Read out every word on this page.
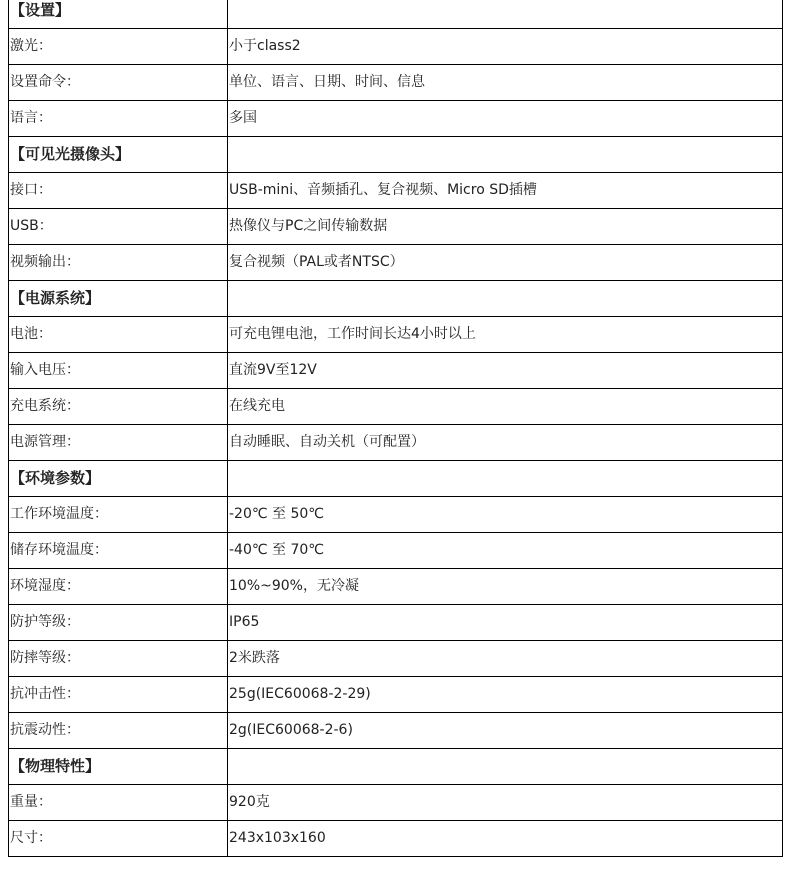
【设置】	
激光：	小于class2
设置命令：	单位、语言、日期、时间、信息
语言：	多国
【可见光摄像头】	
接口：	USB-mini、音频插孔、复合视频、Micro SD插槽
USB：	热像仪与PC之间传输数据
视频输出：	复合视频（PAL或者NTSC）
【电源系统】	
电池：	可充电锂电池，工作时间长达4小时以上
输入电压：	直流9V至12V
充电系统：	在线充电
电源管理：	自动睡眠、自动关机（可配置）
【环境参数】	
工作环境温度：	-20℃ 至 50℃
储存环境温度：	-40℃ 至 70℃
环境湿度：	10%~90%，无冷凝
防护等级：	IP65
防摔等级：	2米跌落
抗冲击性：	25g(IEC60068-2-29)
抗震动性：	2g(IEC60068-2-6)
【物理特性】	
重量：	920克
尺寸：	243x103x160
